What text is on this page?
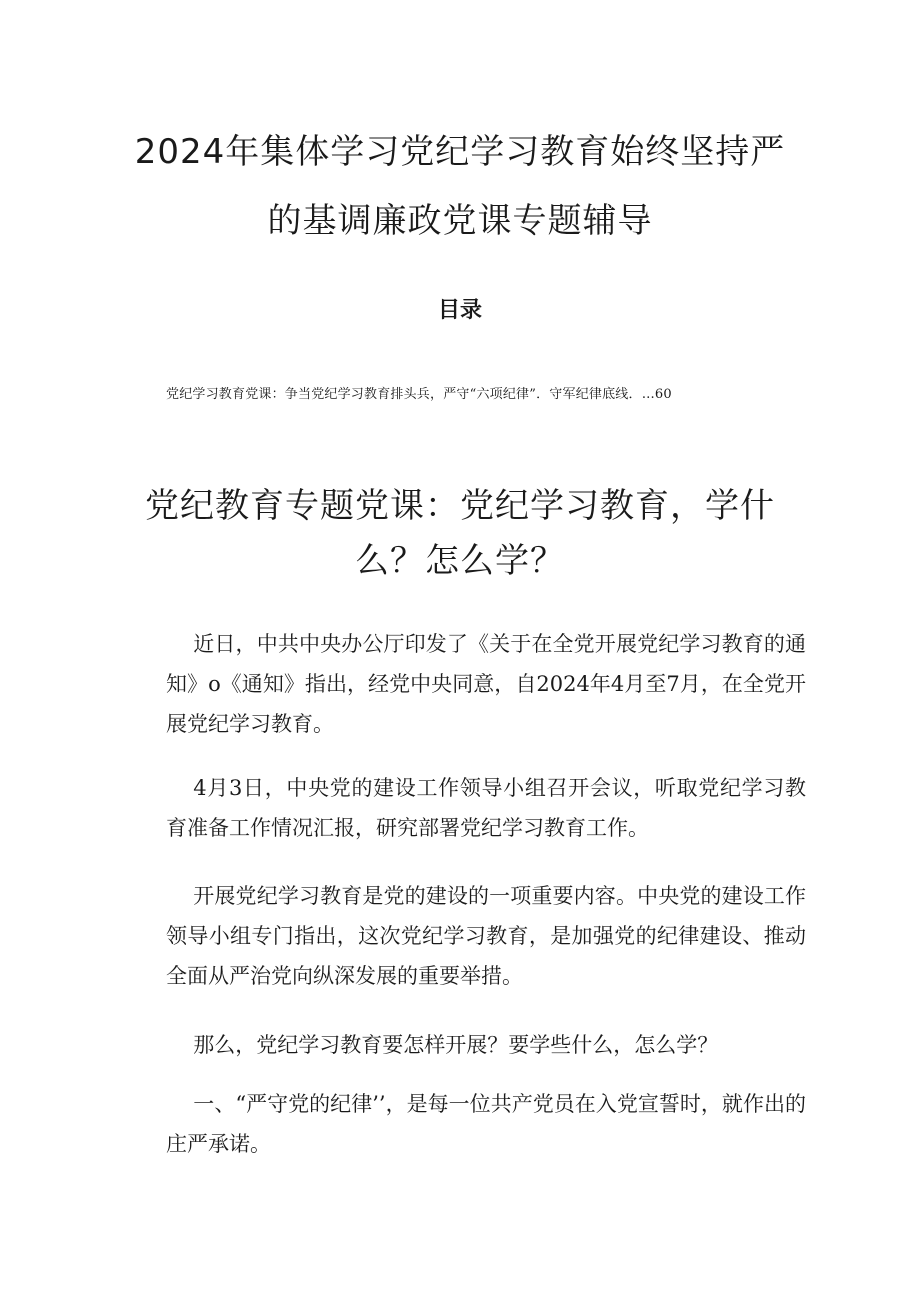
2024年集体学习党纪学习教育始终坚持严
的基调廉政党课专题辅导
目录
党纪学习教育党课：争当党纪学习教育排头兵，严守“六项纪律”．守军纪律底线．…60
党纪教育专题党课：党纪学习教育，学什
么？怎么学？

近日，中共中央办公厅印发了《关于在全党开展党纪学习教育的通知》o《通知》指出，经党中央同意，自2024年4月至7月，在全党开展党纪学习教育。

4月3日，中央党的建设工作领导小组召开会议，听取党纪学习教育准备工作情况汇报，研究部署党纪学习教育工作。

开展党纪学习教育是党的建设的一项重要内容。中央党的建设工作领导小组专门指出，这次党纪学习教育，是加强党的纪律建设、推动全面从严治党向纵深发展的重要举措。

那么，党纪学习教育要怎样开展？要学些什么，怎么学？

一、“严守党的纪律’’，是每一位共产党员在入党宣誓时，就作出的庄严承诺。
